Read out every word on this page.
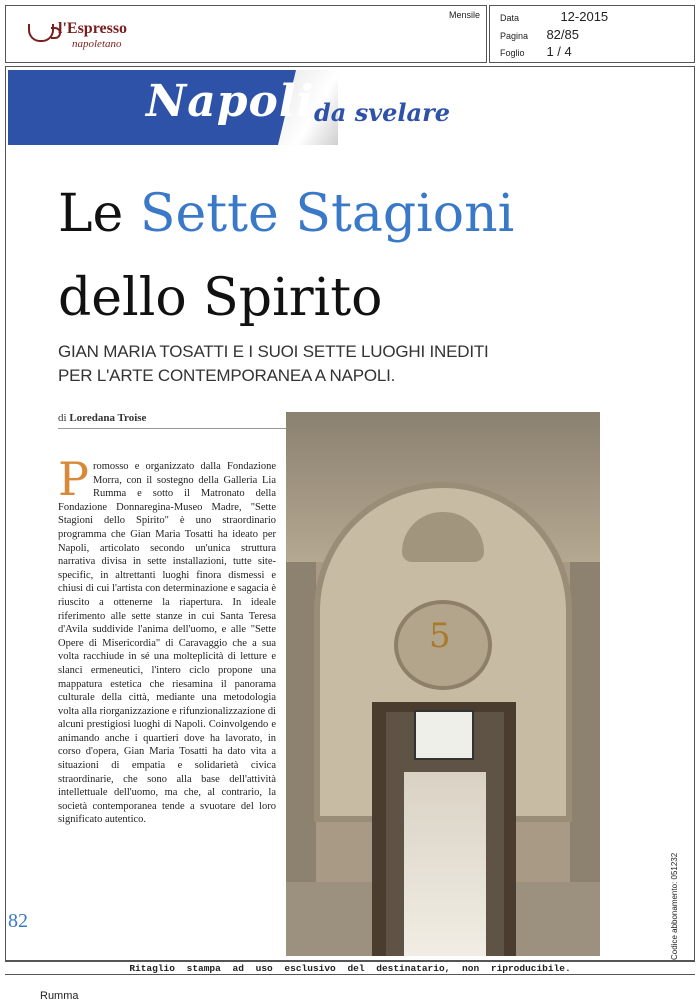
l'Espresso
napoletano
Mensile Data	12-2015
Pagina 82/85
Foglio 1 / 4
Napoli da svelare
Le Sette Stagioni
dello Spirito
GIAN MARIA TOSATTI E I SUOI SETTE LUOGHI INEDITI
PER L'ARTE CONTEMPORANEA A NAPOLI.
di Loredana Troise
P romosso e organizzato dalla Fondazione Morra, con il sostegno della Galleria Lia Rumma e sotto il Matronato della Fondazione Donnaregina-Museo Madre, "Sette Stagioni dello Spirito" è uno straordinario programma che Gian Maria Tosatti ha ideato per Napoli, articolato secondo un'unica struttura narrativa divisa in sette installazioni, tutte site-specific, in altrettanti luoghi finora dismessi e chiusi di cui l'artista con determinazione e sagacia è riuscito a ottenerne la riapertura. In ideale riferimento alle sette stanze in cui Santa Teresa d'Avila suddivide l'anima dell'uomo, e alle "Sette Opere di Misericordia" di Caravaggio che a sua volta racchiude in sé una molteplicità di letture e slanci ermeneutici, l'intero ciclo propone una mappatura estetica che riesamina il panorama culturale della città, mediante una metodologia volta alla riorganizzazione e rifunzionalizzazione di alcuni prestigiosi luoghi di Napoli. Coinvolgendo e animando anche i quartieri dove ha lavorato, in corso d'opera, Gian Maria Tosatti ha dato vita a situazioni di empatia e solidarietà civica straordinarie, che sono alla base dell'attività intellettuale dell'uomo, ma che, al contrario, la società contemporanea tende a svuotare del loro significato autentico.
82
5
Codice abbonamento: 051232
Ritaglio stampa ad uso esclusivo del destinatario, non riproducibile.
Rumma
